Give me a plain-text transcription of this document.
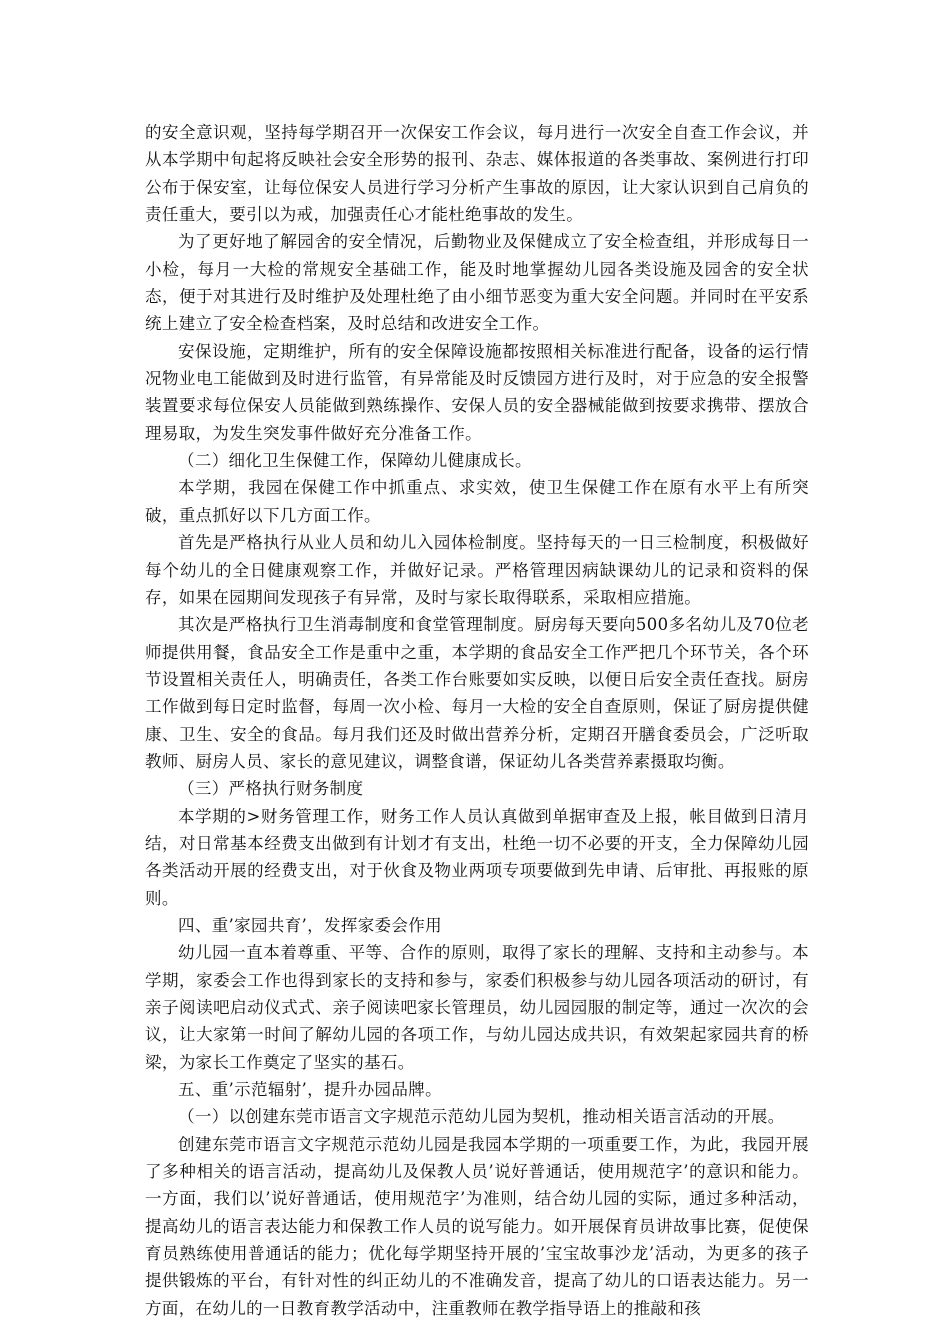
的安全意识观，坚持每学期召开一次保安工作会议，每月进行一次安全自查工作会议，并从本学期中旬起将反映社会安全形势的报刊、杂志、媒体报道的各类事故、案例进行打印公布于保安室，让每位保安人员进行学习分析产生事故的原因，让大家认识到自己肩负的责任重大，要引以为戒，加强责任心才能杜绝事故的发生。

为了更好地了解园舍的安全情况，后勤物业及保健成立了安全检查组，并形成每日一小检，每月一大检的常规安全基础工作，能及时地掌握幼儿园各类设施及园舍的安全状态，便于对其进行及时维护及处理杜绝了由小细节恶变为重大安全问题。并同时在平安系统上建立了安全检查档案，及时总结和改进安全工作。

安保设施，定期维护，所有的安全保障设施都按照相关标准进行配备，设备的运行情况物业电工能做到及时进行监管，有异常能及时反馈园方进行及时，对于应急的安全报警装置要求每位保安人员能做到熟练操作、安保人员的安全器械能做到按要求携带、摆放合理易取，为发生突发事件做好充分准备工作。

（二）细化卫生保健工作，保障幼儿健康成长。

本学期，我园在保健工作中抓重点、求实效，使卫生保健工作在原有水平上有所突破，重点抓好以下几方面工作。

首先是严格执行从业人员和幼儿入园体检制度。坚持每天的一日三检制度，积极做好每个幼儿的全日健康观察工作，并做好记录。严格管理因病缺课幼儿的记录和资料的保存，如果在园期间发现孩子有异常，及时与家长取得联系，采取相应措施。

其次是严格执行卫生消毒制度和食堂管理制度。厨房每天要向500多名幼儿及70位老师提供用餐，食品安全工作是重中之重，本学期的食品安全工作严把几个环节关，各个环节设置相关责任人，明确责任，各类工作台账要如实反映，以便日后安全责任查找。厨房工作做到每日定时监督，每周一次小检、每月一大检的安全自查原则，保证了厨房提供健康、卫生、安全的食品。每月我们还及时做出营养分析，定期召开膳食委员会，广泛听取教师、厨房人员、家长的意见建议，调整食谱，保证幼儿各类营养素摄取均衡。

（三）严格执行财务制度

本学期的>财务管理工作，财务工作人员认真做到单据审查及上报，帐目做到日清月结，对日常基本经费支出做到有计划才有支出，杜绝一切不必要的开支，全力保障幼儿园各类活动开展的经费支出，对于伙食及物业两项专项要做到先申请、后审批、再报账的原则。

四、重’家园共育’，发挥家委会作用

幼儿园一直本着尊重、平等、合作的原则，取得了家长的理解、支持和主动参与。本学期，家委会工作也得到家长的支持和参与，家委们积极参与幼儿园各项活动的研讨，有亲子阅读吧启动仪式式、亲子阅读吧家长管理员，幼儿园园服的制定等，通过一次次的会议，让大家第一时间了解幼儿园的各项工作，与幼儿园达成共识，有效架起家园共育的桥梁，为家长工作奠定了坚实的基石。

五、重’示范辐射’，提升办园品牌。

（一）以创建东莞市语言文字规范示范幼儿园为契机，推动相关语言活动的开展。

创建东莞市语言文字规范示范幼儿园是我园本学期的一项重要工作，为此，我园开展了多种相关的语言活动，提高幼儿及保教人员’说好普通话，使用规范字’的意识和能力。一方面，我们以’说好普通话，使用规范字’为准则，结合幼儿园的实际，通过多种活动，提高幼儿的语言表达能力和保教工作人员的说写能力。如开展保育员讲故事比赛，促使保育员熟练使用普通话的能力；优化每学期坚持开展的’宝宝故事沙龙’活动，为更多的孩子提供锻炼的平台，有针对性的纠正幼儿的不准确发音，提高了幼儿的口语表达能力。另一方面，在幼儿的一日教育教学活动中，注重教师在教学指导语上的推敲和孩
